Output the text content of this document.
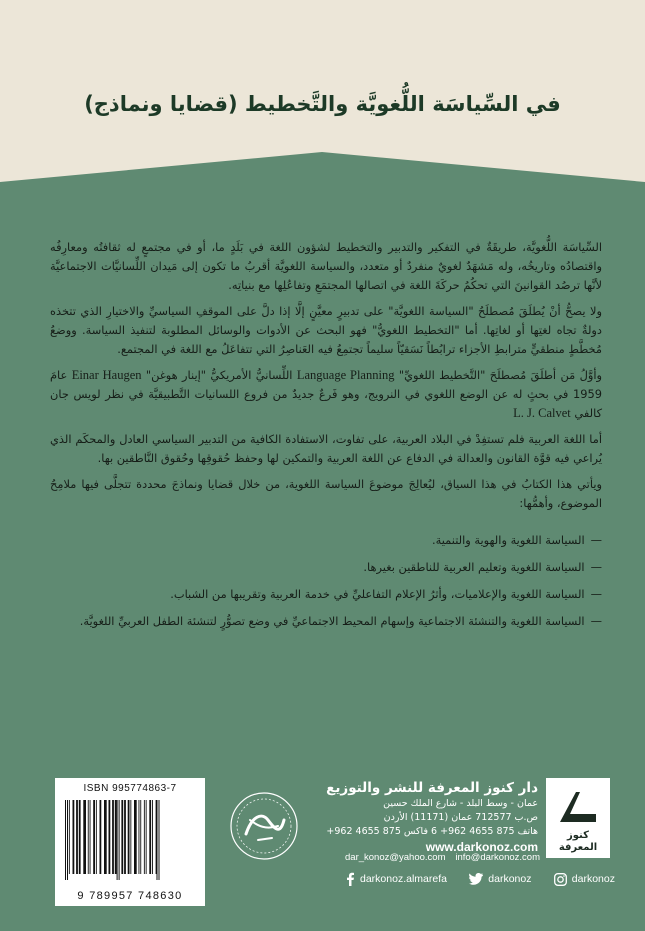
في السِّياسَة اللُّغويَّة والتَّخطيط (قضايا ونماذج)

السِّياسَة اللُّغويَّة، طريقَةٌ في التفكير والتدبير والتخطيط لشؤون اللغة في بَلَدٍ ما، أو في مجتمعٍ له ثقافتُه ومعارِفُه واقتصادُه وتاريخُه، وله مَشهَدٌ لغويٌ منفردٌ أو متعدد، والسياسة اللغويَّة أقربُ ما تكون إلى مَيدان اللِّسانيَّات الاجتماعيَّة لأنَّها ترصُد القوانينَ التي تحكُمُ حركَةَ اللغة في اتصالها المجتمَعِ وتفاعُلِها مع بنياتِه.

ولا يصحُّ أنْ يُطلَقَ مُصطلَحُ "السياسة اللغويَّة" على تدبيرٍ معيَّنٍ إلَّا إذا دلَّ على الموقفِ السياسيِّ والاختيارِ الذي تتخذه دولةٌ تجاه لغتِها أو لغاتِها. أما "التخطيط اللغويُّ" فهو البحث عن الأدوات والوسائل المطلوبة لتنفيذ السياسة. ووضعُ مُخطَّطٍ منطقيٍّ مترابطِ الأجزاء ترابُطاً نَسَقيّاً سليماً تجتمِعُ فيه العَناصِرُ التي تتفاعَلُ مع اللغة في المجتمع.

وأوَّلُ مَن أطلَقَ مُصطلَحَ "التَّخطيط اللغويِّ" Language Planning اللِّسانيُّ الأمريكيُّ "إينار هوغن" Einar Haugen عامَ 1959 في بحثٍ له عن الوضع اللغوي في النرويج، وهو فَرعٌ جديدٌ من فروع اللسانيات التَّطبيقيَّة في نظر لويس جان كالفي L. J. Calvet

أما اللغة العربية فلم تستفِدْ في البلاد العربية، على تفاوت، الاستفادة الكافية من التدبير السياسي العادل والمحكَم الذي يُراعي فيه قوَّة القانون والعدالة في الدفاع عن اللغة العربية والتمكين لها وحفظ حُقوقِها وحُقوق النَّاطقين بها.

ويأتي هذا الكتابُ في هذا السياق، ليُعالِجَ موضوعَ السياسة اللغوية، من خلال قضايا ونماذجَ محددة تتجلَّى فيها ملامِحُ الموضوع، وأهمُّها:

—السياسة اللغوية والهوية والتنمية.
—السياسة اللغوية وتعليم العربية للناطقين بغيرها.
—السياسة اللغوية والإعلاميات، وأثرُ الإعلام التفاعليِّ في خدمة العربية وتقريبها من الشباب.
—السياسة اللغوية والتنشئة الاجتماعية وإسهام المحيط الاجتماعيِّ في وضع تصوُّرٍ لتنشئة الطفل العربيِّ اللغويَّة.
ISBN 995774863-7
9 789957 748630
دار كنوز المعرفة للنشر والتوزيع
عمان - وسط البلد - شارع الملك حسين
ص.ب 712577 عمان (11171) الأردن
هاتف 875 4655 962+ 6 فاكس 875 4655 962+
www.darkonoz.com
dar_konoz@yahoo.com info@darkonoz.com
كنوز
المعرفة
darkonoz.almarefa	darkonoz	darkonoz
